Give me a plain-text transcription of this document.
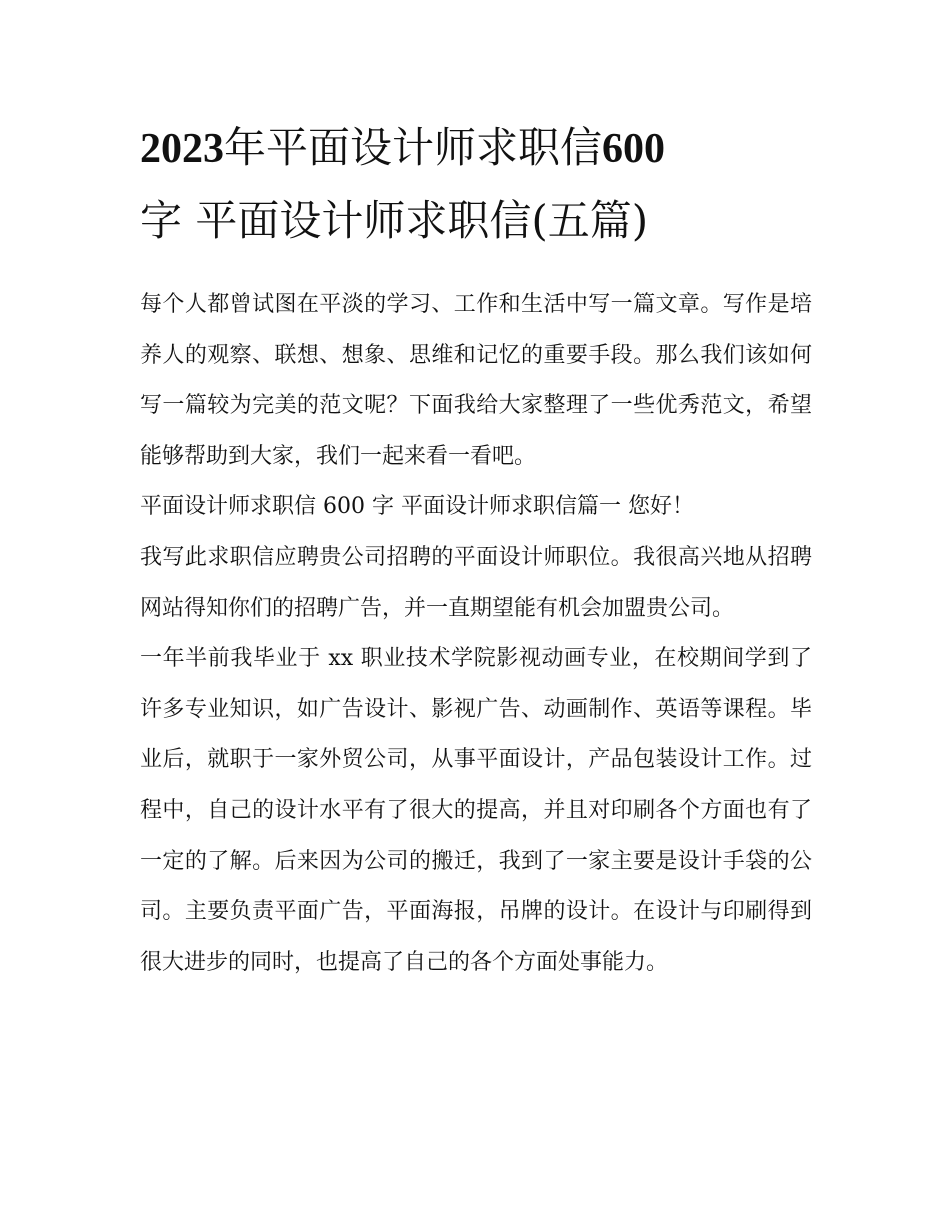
2023年平面设计师求职信600
字 平面设计师求职信(五篇)

每个人都曾试图在平淡的学习、工作和生活中写一篇文章。写作是培养人的观察、联想、想象、思维和记忆的重要手段。那么我们该如何写一篇较为完美的范文呢？下面我给大家整理了一些优秀范文，希望能够帮助到大家，我们一起来看一看吧。

平面设计师求职信 600 字 平面设计师求职信篇一 您好！

我写此求职信应聘贵公司招聘的平面设计师职位。我很高兴地从招聘网站得知你们的招聘广告，并一直期望能有机会加盟贵公司。

一年半前我毕业于 xx 职业技术学院影视动画专业，在校期间学到了许多专业知识，如广告设计、影视广告、动画制作、英语等课程。毕业后，就职于一家外贸公司，从事平面设计，产品包装设计工作。过程中，自己的设计水平有了很大的提高，并且对印刷各个方面也有了一定的了解。后来因为公司的搬迁，我到了一家主要是设计手袋的公司。主要负责平面广告，平面海报，吊牌的设计。在设计与印刷得到很大进步的同时，也提高了自己的各个方面处事能力。
